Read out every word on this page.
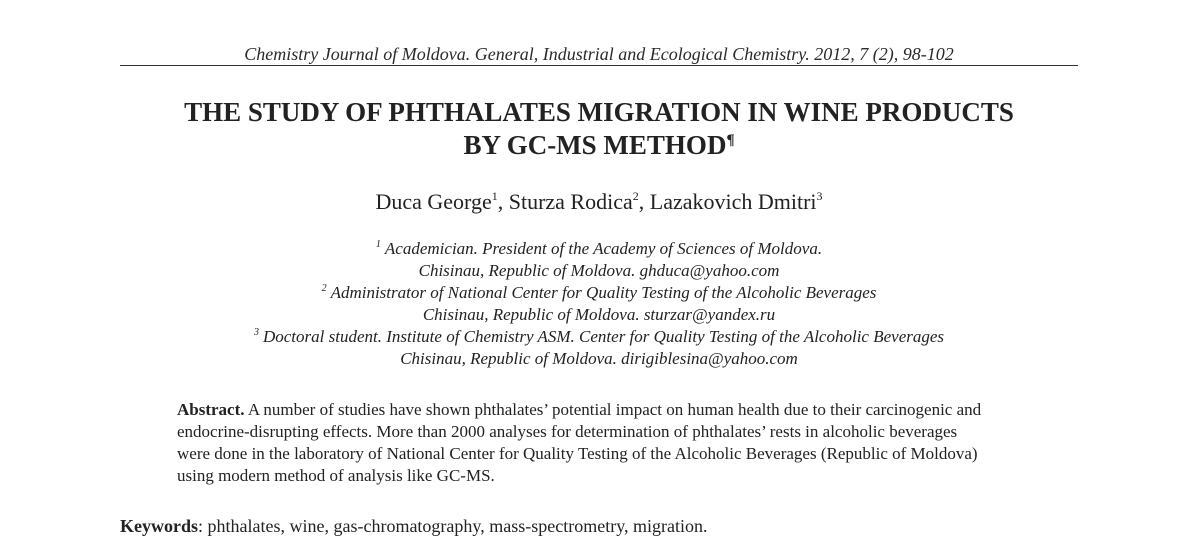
Chemistry Journal of Moldova. General, Industrial and Ecological Chemistry. 2012, 7 (2), 98-102
THE STUDY OF PHTHALATES MIGRATION IN WINE PRODUCTS
BY GC-MS METHOD¶
Duca George$^1$, Sturza Rodica$^2$, Lazakovich Dmitri$^3$
$^1$ Academician. President of the Academy of Sciences of Moldova.
Chisinau, Republic of Moldova. ghduca@yahoo.com
$^2$ Administrator of National Center for Quality Testing of the Alcoholic Beverages
Chisinau, Republic of Moldova. sturzar@yandex.ru
$^3$ Doctoral student. Institute of Chemistry ASM. Center for Quality Testing of the Alcoholic Beverages
Chisinau, Republic of Moldova. dirigiblesina@yahoo.com
Abstract. A number of studies have shown phthalates’ potential impact on human health due to their carcinogenic and
endocrine-disrupting effects. More than 2000 analyses for determination of phthalates’ rests in alcoholic beverages
were done in the laboratory of National Center for Quality Testing of the Alcoholic Beverages (Republic of Moldova)
using modern method of analysis like GC-MS.
Keywords: phthalates, wine, gas-chromatography, mass-spectrometry, migration.
